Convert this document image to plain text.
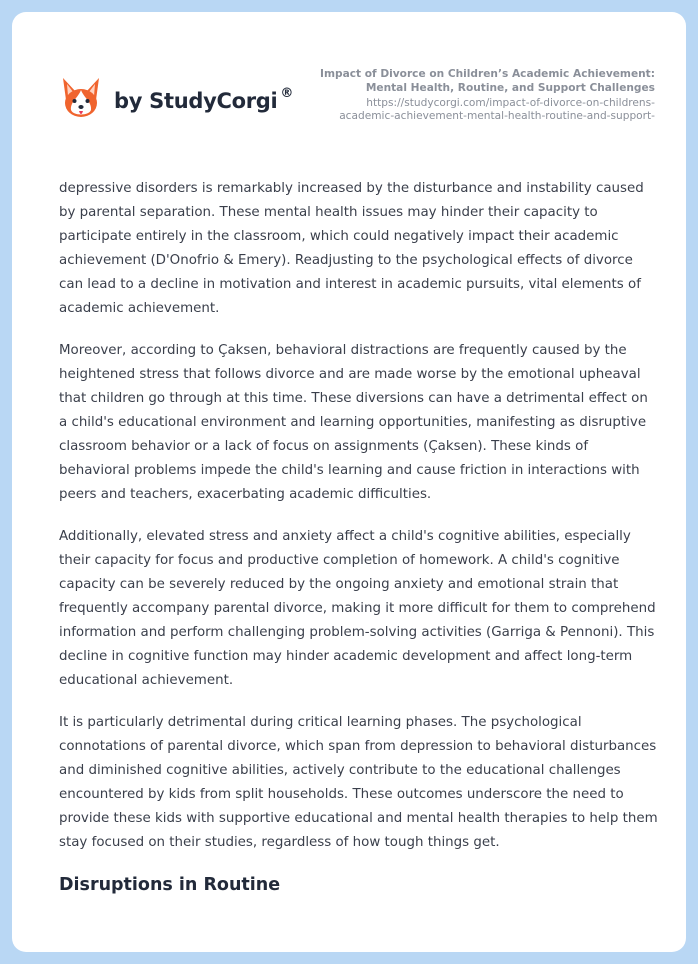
by StudyCorgi ®
Impact of Divorce on Children’s Academic Achievement:
Mental Health, Routine, and Support Challenges
https://studycorgi.com/impact-of-divorce-on-childrens-
academic-achievement-mental-health-routine-and-support-

depressive disorders is remarkably increased by the disturbance and instability caused by parental separation. These mental health issues may hinder their capacity to participate entirely in the classroom, which could negatively impact their academic achievement (D'Onofrio & Emery). Readjusting to the psychological effects of divorce can lead to a decline in motivation and interest in academic pursuits, vital elements of academic achievement.

Moreover, according to Çaksen, behavioral distractions are frequently caused by the heightened stress that follows divorce and are made worse by the emotional upheaval that children go through at this time. These diversions can have a detrimental effect on a child's educational environment and learning opportunities, manifesting as disruptive classroom behavior or a lack of focus on assignments (Çaksen). These kinds of behavioral problems impede the child's learning and cause friction in interactions with peers and teachers, exacerbating academic difficulties.

Additionally, elevated stress and anxiety affect a child's cognitive abilities, especially their capacity for focus and productive completion of homework. A child's cognitive capacity can be severely reduced by the ongoing anxiety and emotional strain that frequently accompany parental divorce, making it more difficult for them to comprehend information and perform challenging problem-solving activities (Garriga & Pennoni). This decline in cognitive function may hinder academic development and affect long-term educational achievement.

It is particularly detrimental during critical learning phases. The psychological connotations of parental divorce, which span from depression to behavioral disturbances and diminished cognitive abilities, actively contribute to the educational challenges encountered by kids from split households. These outcomes underscore the need to provide these kids with supportive educational and mental health therapies to help them stay focused on their studies, regardless of how tough things get.

Disruptions in Routine
